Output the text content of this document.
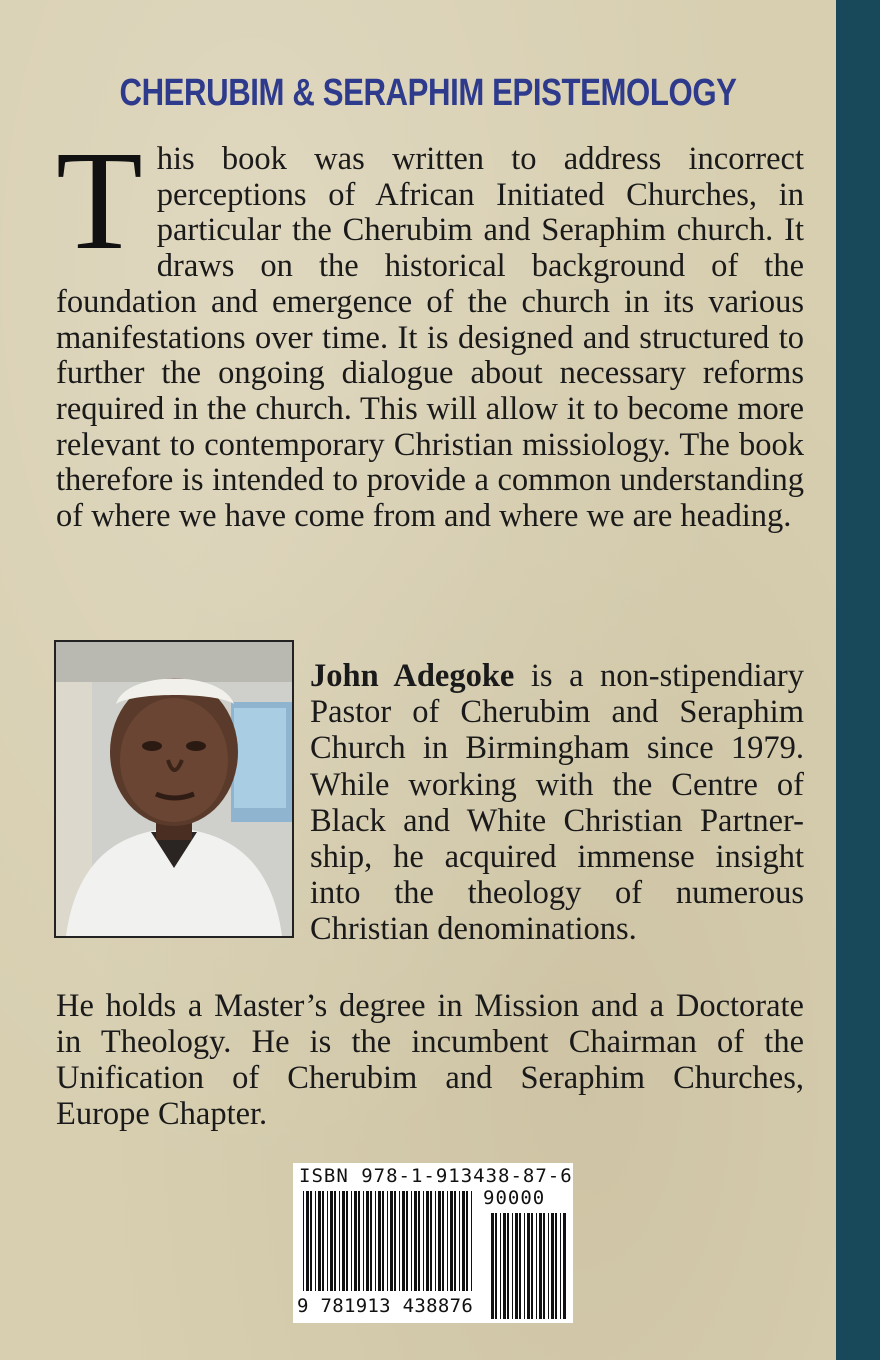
CHERUBIM & SERAPHIM EPISTEMOLOGY
This book was written to address incorrect perceptions of African Initiated Churches, in particular the Cherubim and Seraphim church. It draws on the historical background of the foundation and emergence of the church in its various manifestations over time. It is designed and structured to further the ongoing dialogue about necessary reforms required in the church. This will allow it to become more relevant to contemporary Christian missiology. The book therefore is intended to provide a common understanding of where we have come from and where we are heading.
John Adegoke is a non-stipendiary Pastor of Cherubim and Seraphim Church in Birmingham since 1979. While working with the Centre of Black and White Christian Partner-ship, he acquired immense insight into the theology of numerous Christian denominations.
He holds a Master’s degree in Mission and a Doctorate in Theology. He is the incumbent Chairman of the Unification of Cherubim and Seraphim Churches, Europe Chapter.
ISBN 978-1-913438-87-6
90000
9 781913 438876
